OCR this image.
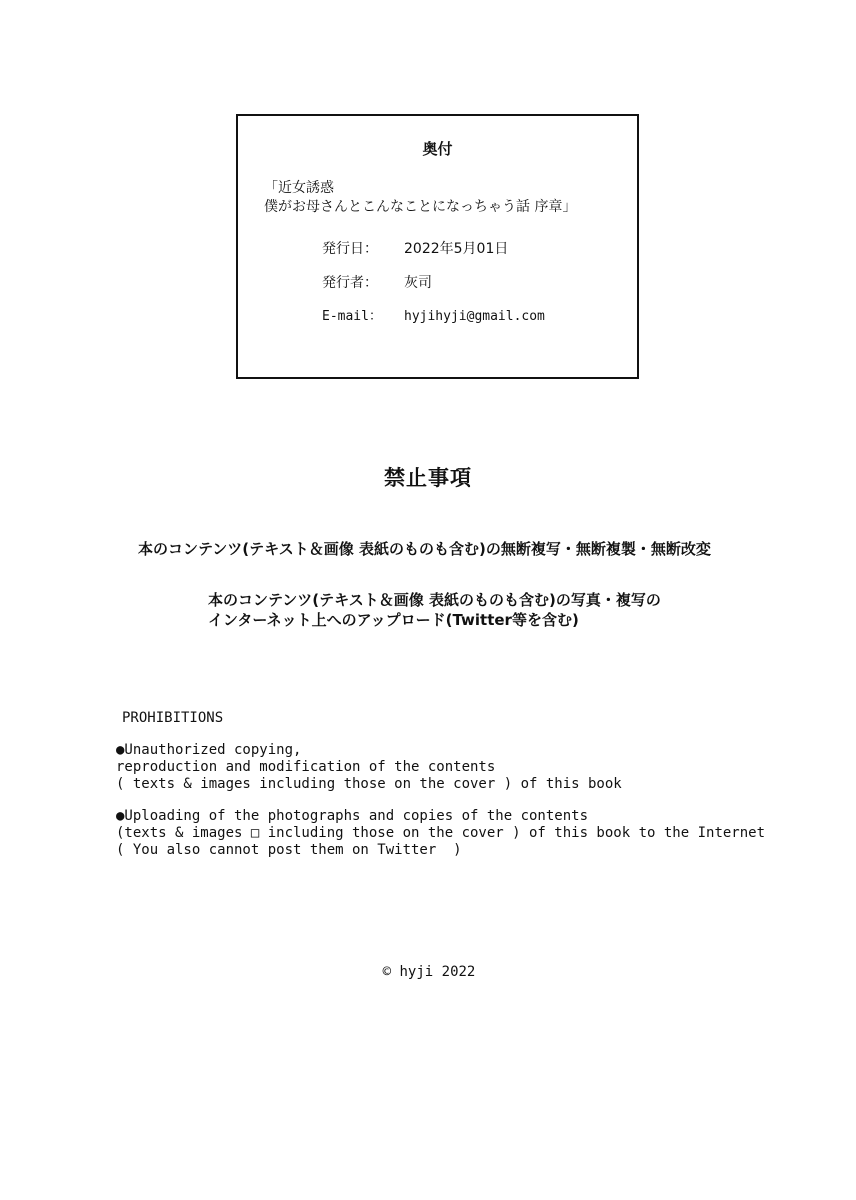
奥付
「近女誘惑
僕がお母さんとこんなことになっちゃう話 序章」
発行日： 2022年5月01日
発行者： 灰司
E-mail： hyjihyji@gmail.com
禁止事項
本のコンテンツ(テキスト＆画像 表紙のものも含む)の無断複写・無断複製・無断改変
本のコンテンツ(テキスト＆画像 表紙のものも含む)の写真・複写の
インターネット上へのアップロード(Twitter等を含む)
PROHIBITIONS
●Unauthorized copying,
reproduction and modification of the contents
( texts & images including those on the cover ) of this book
●Uploading of the photographs and copies of the contents
(texts & images □ including those on the cover ) of this book to the Internet
( You also cannot post them on Twitter  )
© hyji 2022
